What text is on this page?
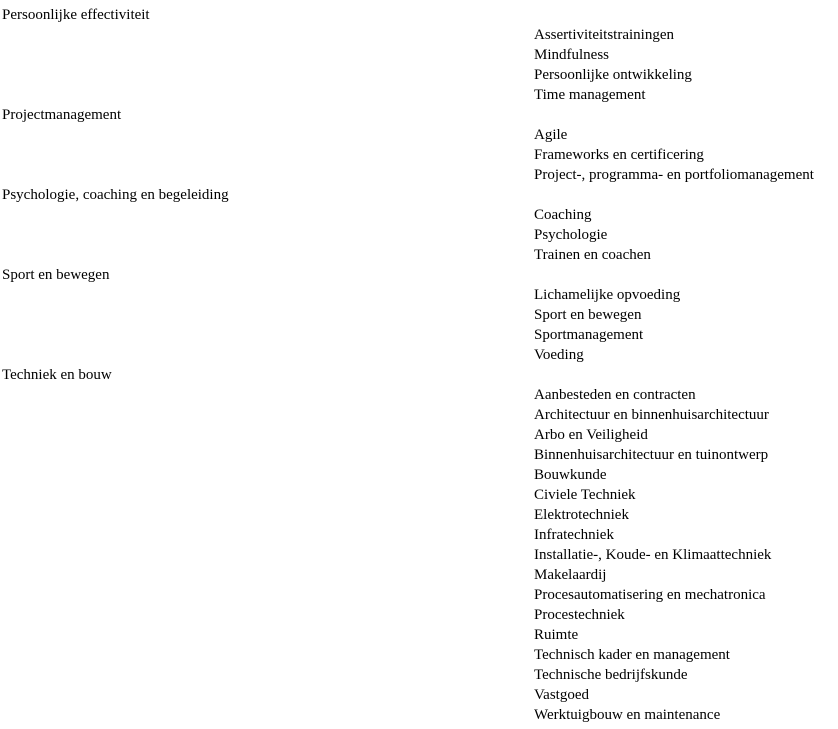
Persoonlijke effectiviteit
Projectmanagement
Psychologie, coaching en begeleiding
Sport en bewegen
Techniek en bouw
Assertiviteitstrainingen
Mindfulness
Persoonlijke ontwikkeling
Time management
Agile
Frameworks en certificering
Project-, programma- en portfoliomanagement
Coaching
Psychologie
Trainen en coachen
Lichamelijke opvoeding
Sport en bewegen
Sportmanagement
Voeding
Aanbesteden en contracten
Architectuur en binnenhuisarchitectuur
Arbo en Veiligheid
Binnenhuisarchitectuur en tuinontwerp
Bouwkunde
Civiele Techniek
Elektrotechniek
Infratechniek
Installatie-, Koude- en Klimaattechniek
Makelaardij
Procesautomatisering en mechatronica
Procestechniek
Ruimte
Technisch kader en management
Technische bedrijfskunde
Vastgoed
Werktuigbouw en maintenance
